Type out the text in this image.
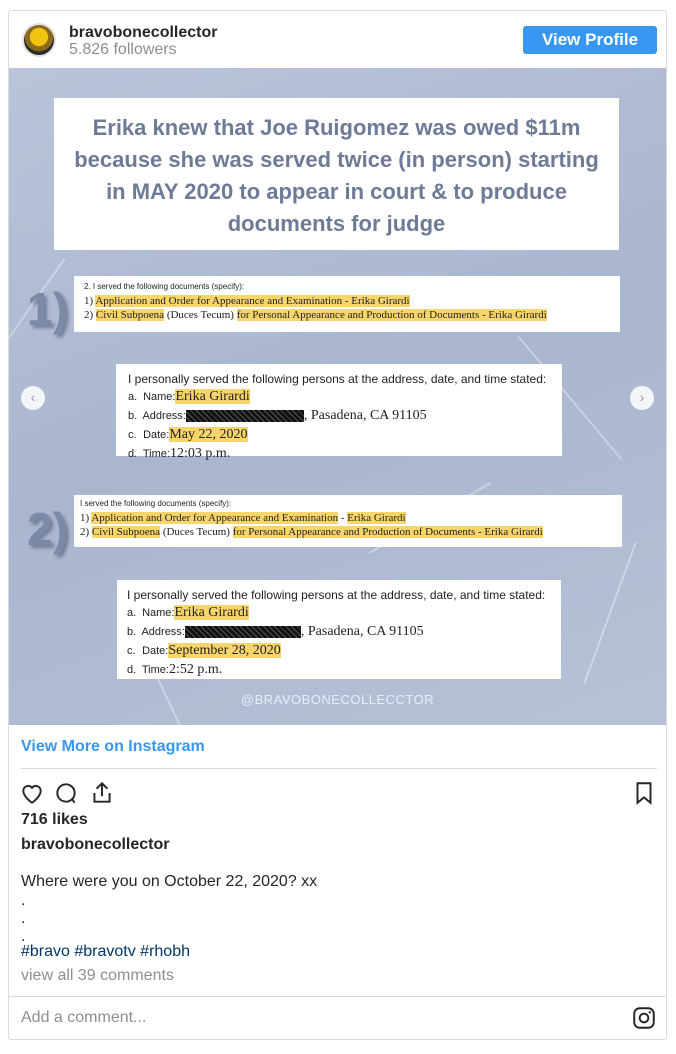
bravobonecollector
5.826 followers
View Profile
Erika knew that Joe Ruigomez was owed $11m because she was served twice (in person) starting in MAY 2020 to appear in court & to produce documents for judge
1)
2)
2. I served the following documents (specify):
1) Application and Order for Appearance and Examination - Erika Girardi
2) Civil Subpoena (Duces Tecum) for Personal Appearance and Production of Documents - Erika Girardi
I personally served the following persons at the address, date, and time stated:
a. Name:Erika Girardi
b. Address:	, Pasadena, CA 91105
c. Date:May 22, 2020
d. Time:12:03 p.m.
I served the following documents (specify):
1) Application and Order for Appearance and Examination - Erika Girardi
2) Civil Subpoena (Duces Tecum) for Personal Appearance and Production of Documents - Erika Girardi
I personally served the following persons at the address, date, and time stated:
a. Name:Erika Girardi
b. Address:	, Pasadena, CA 91105
c. Date:September 28, 2020
d. Time:2:52 p.m.
‹	›
@BRAVOBONECOLLECCTOR
View More on Instagram
716 likes
bravobonecollector
Where were you on October 22, 2020? xx
.
.
.
#bravo #bravotv #rhobh
view all 39 comments
Add a comment...
